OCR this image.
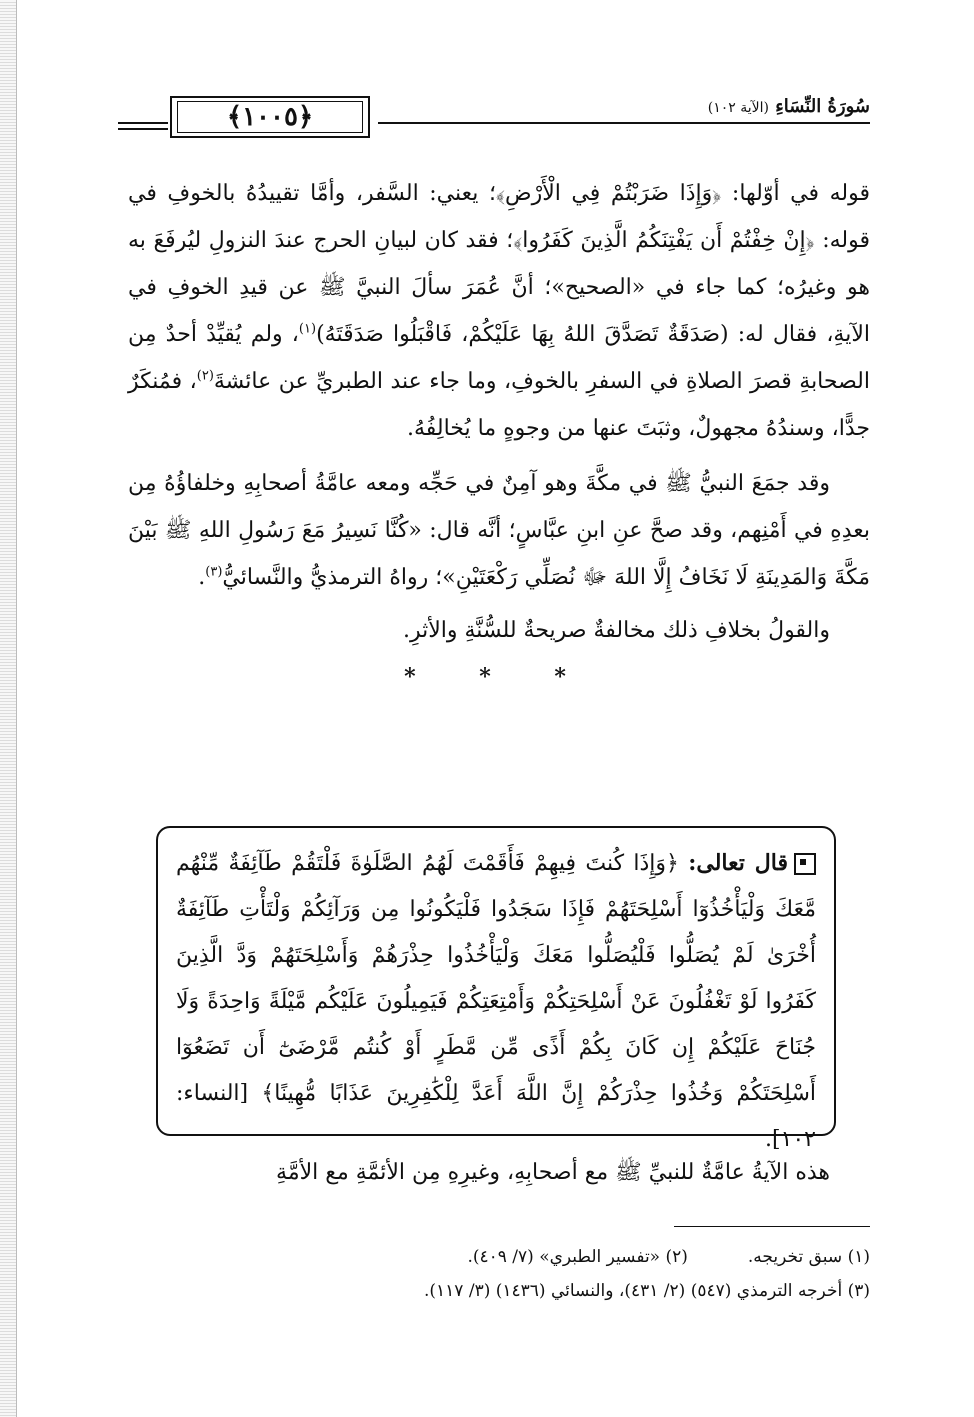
﴿١٠٠٥﴾	سُورَةُ النِّسَاءِ (الآية ١٠٢)

قوله في أوّلها: ﴿وَإِذَا ضَرَبْتُمْ فِي الْأَرْضِ﴾؛ يعني: السَّفر، وأمَّا تقييدُهُ بالخوفِ في قوله: ﴿إِنْ خِفْتُمْ أَن يَفْتِنَكُمُ الَّذِينَ كَفَرُوا﴾؛ فقد كان لبيانِ الحرج عندَ النزولِ ليُرفَعَ به هو وغيرُه؛ كما جاء في «الصحيح»؛ أنَّ عُمَرَ سألَ النبيَّ ﷺ عن قيدِ الخوفِ في الآيةِ، فقال له: (صَدَقَةٌ تَصَدَّقَ اللهُ بِهَا عَلَيْكُمْ، فَاقْبَلُوا صَدَقَتَهُ)$^{(١)}$، ولم يُقيِّدْ أحدٌ مِن الصحابةِ قصرَ الصلاةِ في السفرِ بالخوفِ، وما جاء عند الطبريِّ عن عائشةَ$^{(٢)}$، فمُنكَرٌ جدًّا، وسندُهُ مجهولٌ، وثبَتَ عنها من وجوهٍ ما يُخالِفُهُ.

وقد جمَعَ النبيُّ ﷺ في مكَّةَ وهو آمِنٌ في حَجِّه ومعه عامَّةُ أصحابِهِ وخلفاؤُهُ مِن بعدِهِ في أَمْنِهم، وقد صحَّ عنِ ابنِ عبَّاسٍ؛ أنَّه قال: «كُنَّا نَسِيرُ مَعَ رَسُولِ اللهِ ﷺ بَيْنَ مَكَّةَ وَالمَدِينَةِ لَا نَخَافُ إِلَّا اللهَ ﷻ نُصَلِّي رَكْعَتَيْنِ»؛ رواهُ الترمذيُّ والنَّسائيُّ$^{(٣)}$.

والقولُ بخلافِ ذلك مخالفةٌ صريحةٌ للسُّنَّةِ والأثرِ.

* * *

قال تعالى: ﴿وَإِذَا كُنتَ فِيهِمْ فَأَقَمْتَ لَهُمُ الصَّلَوٰةَ فَلْتَقُمْ طَآئِفَةٌ مِّنْهُم مَّعَكَ وَلْيَأْخُذُوٓا أَسْلِحَتَهُمْ فَإِذَا سَجَدُوا فَلْيَكُونُوا مِن وَرَآئِكُمْ وَلْتَأْتِ طَآئِفَةٌ أُخْرَىٰ لَمْ يُصَلُّوا فَلْيُصَلُّوا مَعَكَ وَلْيَأْخُذُوا حِذْرَهُمْ وَأَسْلِحَتَهُمْ وَدَّ الَّذِينَ كَفَرُوا لَوْ تَغْفُلُونَ عَنْ أَسْلِحَتِكُمْ وَأَمْتِعَتِكُمْ فَيَمِيلُونَ عَلَيْكُم مَّيْلَةً وَاحِدَةً وَلَا جُنَاحَ عَلَيْكُمْ إِن كَانَ بِكُمْ أَذًى مِّن مَّطَرٍ أَوْ كُنتُم مَّرْضَىٰٓ أَن تَضَعُوٓا أَسْلِحَتَكُمْ وَخُذُوا حِذْرَكُمْ إِنَّ اللَّهَ أَعَدَّ لِلْكَٰفِرِينَ عَذَابًا مُّهِينًا﴾ [النساء: ١٠٢].
هذه الآيةُ عامَّةٌ للنبيِّ ﷺ مع أصحابِهِ، وغيرِهِ مِن الأئمَّةِ مع الأمَّةِ
(١) سبق تخريجه.
(٢) «تفسير الطبري» (٧/ ٤٠٩).
(٣) أخرجه الترمذي (٥٤٧) (٢/ ٤٣١)، والنسائي (١٤٣٦) (٣/ ١١٧).
